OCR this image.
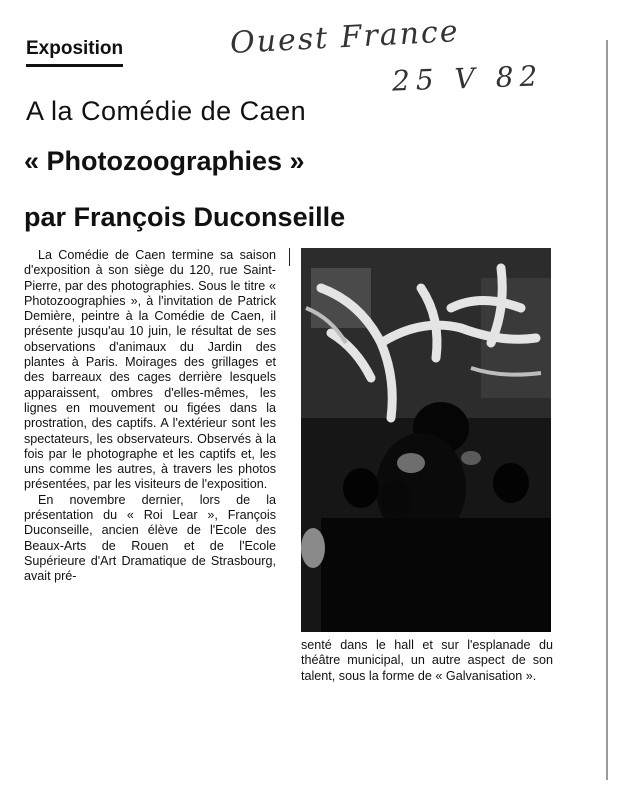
Exposition	Ouest France
25 V 82
A la Comédie de Caen
« Photozoographies »
par François Duconseille

La Comédie de Caen termine sa saison d'exposition à son siège du 120, rue Saint-Pierre, par des photographies. Sous le titre « Photozoographies », à l'invitation de Patrick Demière, peintre à la Comédie de Caen, il présente jusqu'au 10 juin, le résultat de ses observations d'animaux du Jardin des plantes à Paris. Moirages des grillages et des barreaux des cages derrière lesquels apparaissent, ombres d'elles-mêmes, les lignes en mouvement ou figées dans la prostration, des captifs. A l'extérieur sont les spectateurs, les observateurs. Observés à la fois par le photographe et les captifs et, les uns comme les autres, à travers les photos présentées, par les visiteurs de l'exposition.

En novembre dernier, lors de la présentation du « Roi Lear », François Duconseille, ancien élève de l'Ecole des Beaux-Arts de Rouen et de l'Ecole Supérieure d'Art Dramatique de Strasbourg, avait pré-

senté dans le hall et sur l'esplanade du théâtre municipal, un autre aspect de son talent, sous la forme de « Galvanisation ».
